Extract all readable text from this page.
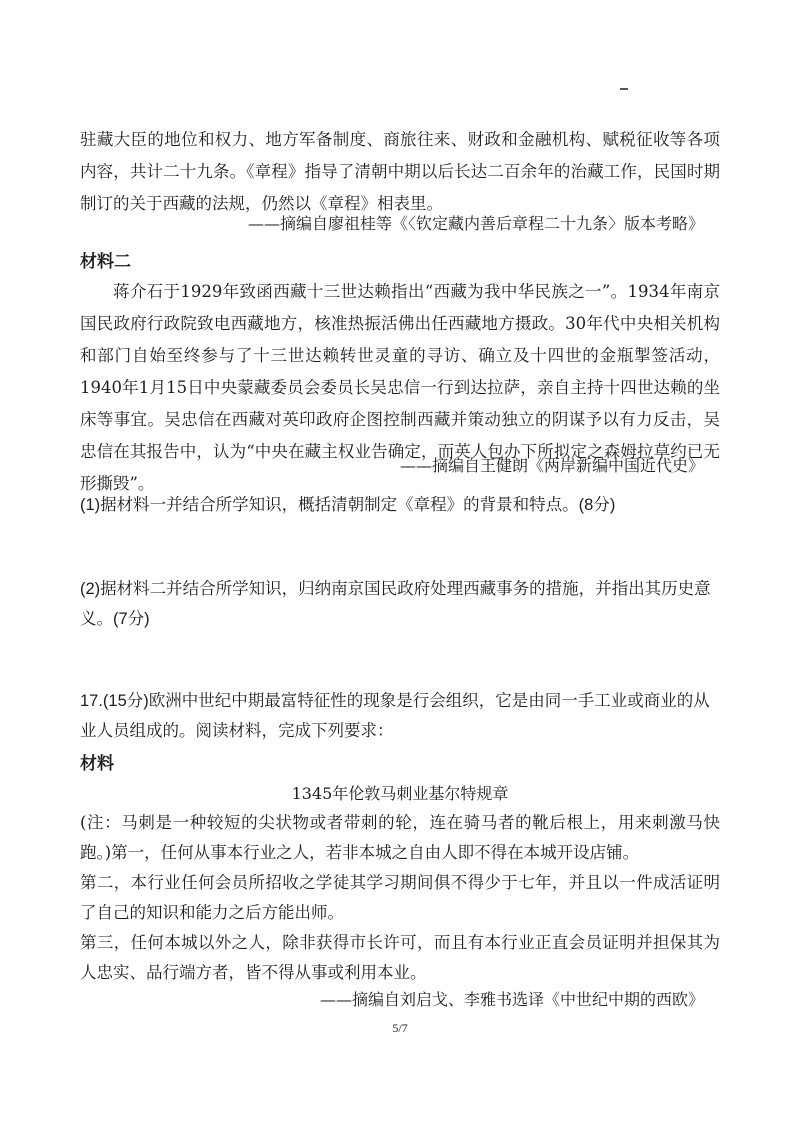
驻藏大臣的地位和权力、地方军备制度、商旅往来、财政和金融机构、赋税征收等各项内容，共计二十九条。《章程》指导了清朝中期以后长达二百余年的治藏工作，民国时期制订的关于西藏的法规，仍然以《章程》相表里。

——摘编自廖祖桂等《〈钦定藏内善后章程二十九条〉版本考略》

材料二

蒋介石于1929年致函西藏十三世达赖指出“西藏为我中华民族之一”。1934年南京国民政府行政院致电西藏地方，核准热振活佛出任西藏地方摄政。30年代中央相关机构和部门自始至终参与了十三世达赖转世灵童的寻访、确立及十四世的金瓶掣签活动，1940年1月15日中央蒙藏委员会委员长吴忠信一行到达拉萨，亲自主持十四世达赖的坐床等事宜。吴忠信在西藏对英印政府企图控制西藏并策动独立的阴谋予以有力反击，吴忠信在其报告中，认为“中央在藏主权业告确定，而英人包办下所拟定之森姆拉草约已无形撕毁”。

——摘编自王健朗《两岸新编中国近代史》

(1)据材料一并结合所学知识，概括清朝制定《章程》的背景和特点。(8分)

(2)据材料二并结合所学知识，归纳南京国民政府处理西藏事务的措施，并指出其历史意义。(7分)

17.(15分)欧洲中世纪中期最富特征性的现象是行会组织，它是由同一手工业或商业的从业人员组成的。阅读材料，完成下列要求：

材料

1345年伦敦马刺业基尔特规章

(注：马刺是一种较短的尖状物或者带刺的轮，连在骑马者的靴后根上，用来刺激马快跑。)第一，任何从事本行业之人，若非本城之自由人即不得在本城开设店铺。

第二，本行业任何会员所招收之学徒其学习期间俱不得少于七年，并且以一件成活证明了自己的知识和能力之后方能出师。

第三，任何本城以外之人，除非获得市长许可，而且有本行业正直会员证明并担保其为人忠实、品行端方者，皆不得从事或利用本业。

——摘编自刘启戈、李雅书选译《中世纪中期的西欧》

5/7
